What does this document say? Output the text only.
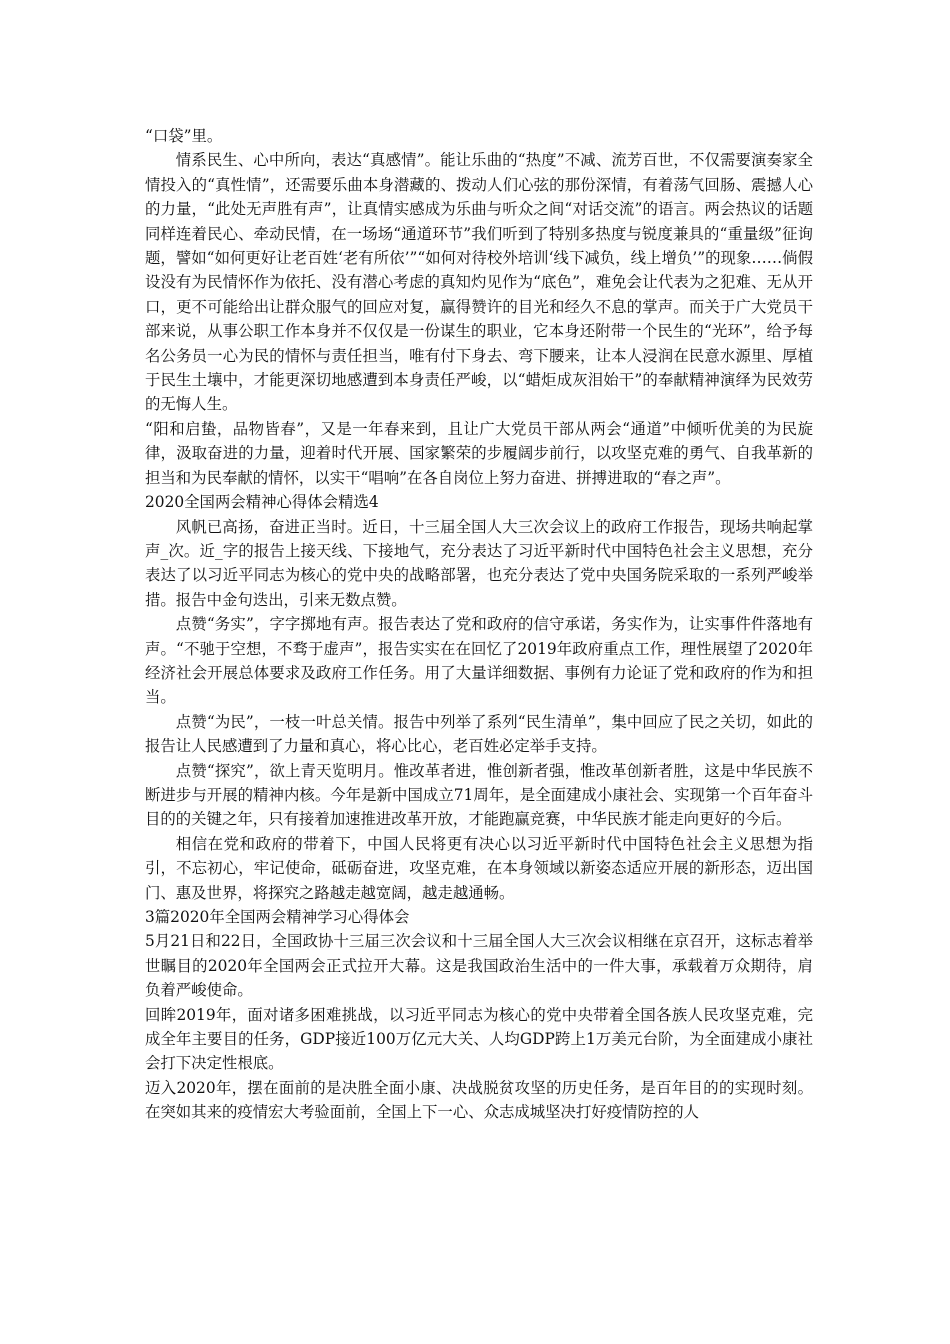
“口袋”里。

情系民生、心中所向，表达“真感情”。能让乐曲的“热度”不减、流芳百世，不仅需要演奏家全情投入的“真性情”，还需要乐曲本身潜藏的、拨动人们心弦的那份深情，有着荡气回肠、震撼人心的力量，“此处无声胜有声”，让真情实感成为乐曲与听众之间“对话交流”的语言。两会热议的话题同样连着民心、牵动民情，在一场场“通道环节”我们听到了特别多热度与锐度兼具的“重量级”征询题，譬如“如何更好让老百姓‘老有所依’”“如何对待校外培训‘线下减负，线上增负’”的现象……倘假设没有为民情怀作为依托、没有潜心考虑的真知灼见作为“底色”，难免会让代表为之犯难、无从开口，更不可能给出让群众服气的回应对复，赢得赞许的目光和经久不息的掌声。而关于广大党员干部来说，从事公职工作本身并不仅仅是一份谋生的职业，它本身还附带一个民生的“光环”，给予每名公务员一心为民的情怀与责任担当，唯有付下身去、弯下腰来，让本人浸润在民意水源里、厚植于民生土壤中，才能更深切地感遭到本身责任严峻，以“蜡炬成灰泪始干”的奉献精神演绎为民效劳的无悔人生。

“阳和启蛰，品物皆春”，又是一年春来到，且让广大党员干部从两会“通道”中倾听优美的为民旋律，汲取奋进的力量，迎着时代开展、国家繁荣的步履阔步前行，以攻坚克难的勇气、自我革新的担当和为民奉献的情怀，以实干“唱响”在各自岗位上努力奋进、拼搏进取的“春之声”。

2020全国两会精神心得体会精选4

风帆已高扬，奋进正当时。近日，十三届全国人大三次会议上的政府工作报告，现场共响起掌声_次。近_字的报告上接天线、下接地气，充分表达了习近平新时代中国特色社会主义思想，充分表达了以习近平同志为核心的党中央的战略部署，也充分表达了党中央国务院采取的一系列严峻举措。报告中金句迭出，引来无数点赞。

点赞“务实”，字字掷地有声。报告表达了党和政府的信守承诺，务实作为，让实事件件落地有声。“不驰于空想，不骛于虚声”，报告实实在在回忆了2019年政府重点工作，理性展望了2020年经济社会开展总体要求及政府工作任务。用了大量详细数据、事例有力论证了党和政府的作为和担当。

点赞“为民”，一枝一叶总关情。报告中列举了系列“民生清单”，集中回应了民之关切，如此的报告让人民感遭到了力量和真心，将心比心，老百姓必定举手支持。

点赞“探究”，欲上青天览明月。惟改革者进，惟创新者强，惟改革创新者胜，这是中华民族不断进步与开展的精神内核。今年是新中国成立71周年，是全面建成小康社会、实现第一个百年奋斗目的的关键之年，只有接着加速推进改革开放，才能跑赢竞赛，中华民族才能走向更好的今后。

相信在党和政府的带着下，中国人民将更有决心以习近平新时代中国特色社会主义思想为指引，不忘初心，牢记使命，砥砺奋进，攻坚克难，在本身领域以新姿态适应开展的新形态，迈出国门、惠及世界，将探究之路越走越宽阔，越走越通畅。

3篇2020年全国两会精神学习心得体会

5月21日和22日，全国政协十三届三次会议和十三届全国人大三次会议相继在京召开，这标志着举世瞩目的2020年全国两会正式拉开大幕。这是我国政治生活中的一件大事，承载着万众期待，肩负着严峻使命。

回眸2019年，面对诸多困难挑战，以习近平同志为核心的党中央带着全国各族人民攻坚克难，完成全年主要目的任务，GDP接近100万亿元大关、人均GDP跨上1万美元台阶，为全面建成小康社会打下决定性根底。

迈入2020年，摆在面前的是决胜全面小康、决战脱贫攻坚的历史任务，是百年目的的实现时刻。在突如其来的疫情宏大考验面前，全国上下一心、众志成城坚决打好疫情防控的人
